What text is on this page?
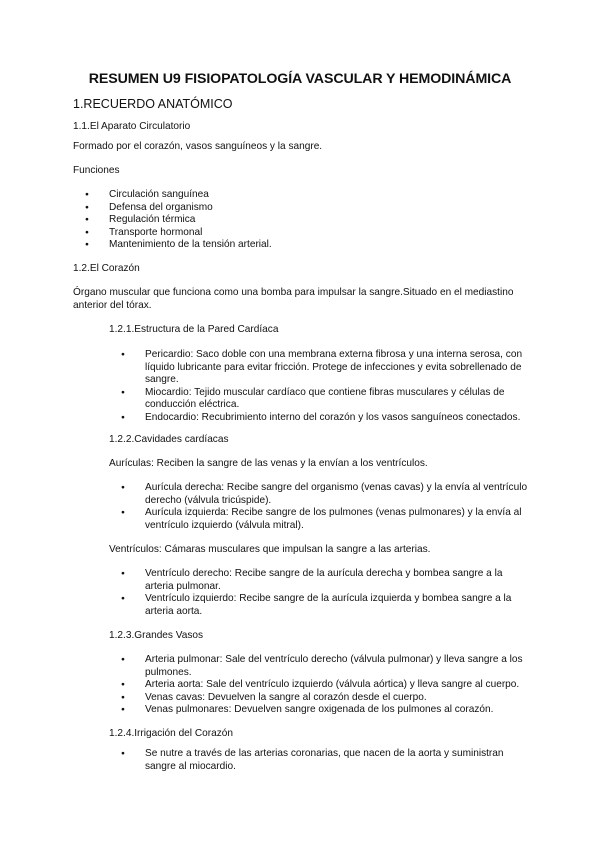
RESUMEN U9 FISIOPATOLOGÍA VASCULAR Y HEMODINÁMICA
1.RECUERDO ANATÓMICO
1.1.El Aparato Circulatorio
Formado por el corazón, vasos sanguíneos y la sangre.
Funciones
● Circulación sanguínea
● Defensa del organismo
● Regulación térmica
● Transporte hormonal
● Mantenimiento de la tensión arterial.
1.2.El Corazón
Órgano muscular que funciona como una bomba para impulsar la sangre.Situado en el mediastino anterior del tórax.
1.2.1.Estructura de la Pared Cardíaca
● Pericardio: Saco doble con una membrana externa fibrosa y una interna serosa, con líquido lubricante para evitar fricción. Protege de infecciones y evita sobrellenado de sangre.
● Miocardio: Tejido muscular cardíaco que contiene fibras musculares y células de conducción eléctrica.
● Endocardio: Recubrimiento interno del corazón y los vasos sanguíneos conectados.
1.2.2.Cavidades cardíacas
Aurículas: Reciben la sangre de las venas y la envían a los ventrículos.
● Aurícula derecha: Recibe sangre del organismo (venas cavas) y la envía al ventrículo derecho (válvula tricúspide).
● Aurícula izquierda: Recibe sangre de los pulmones (venas pulmonares) y la envía al ventrículo izquierdo (válvula mitral).
Ventrículos: Cámaras musculares que impulsan la sangre a las arterias.
● Ventrículo derecho: Recibe sangre de la aurícula derecha y bombea sangre a la arteria pulmonar.
● Ventrículo izquierdo: Recibe sangre de la aurícula izquierda y bombea sangre a la arteria aorta.
1.2.3.Grandes Vasos
● Arteria pulmonar: Sale del ventrículo derecho (válvula pulmonar) y lleva sangre a los pulmones.
● Arteria aorta: Sale del ventrículo izquierdo (válvula aórtica) y lleva sangre al cuerpo.
● Venas cavas: Devuelven la sangre al corazón desde el cuerpo.
● Venas pulmonares: Devuelven sangre oxigenada de los pulmones al corazón.
1.2.4.Irrigación del Corazón
● Se nutre a través de las arterias coronarias, que nacen de la aorta y suministran sangre al miocardio.
